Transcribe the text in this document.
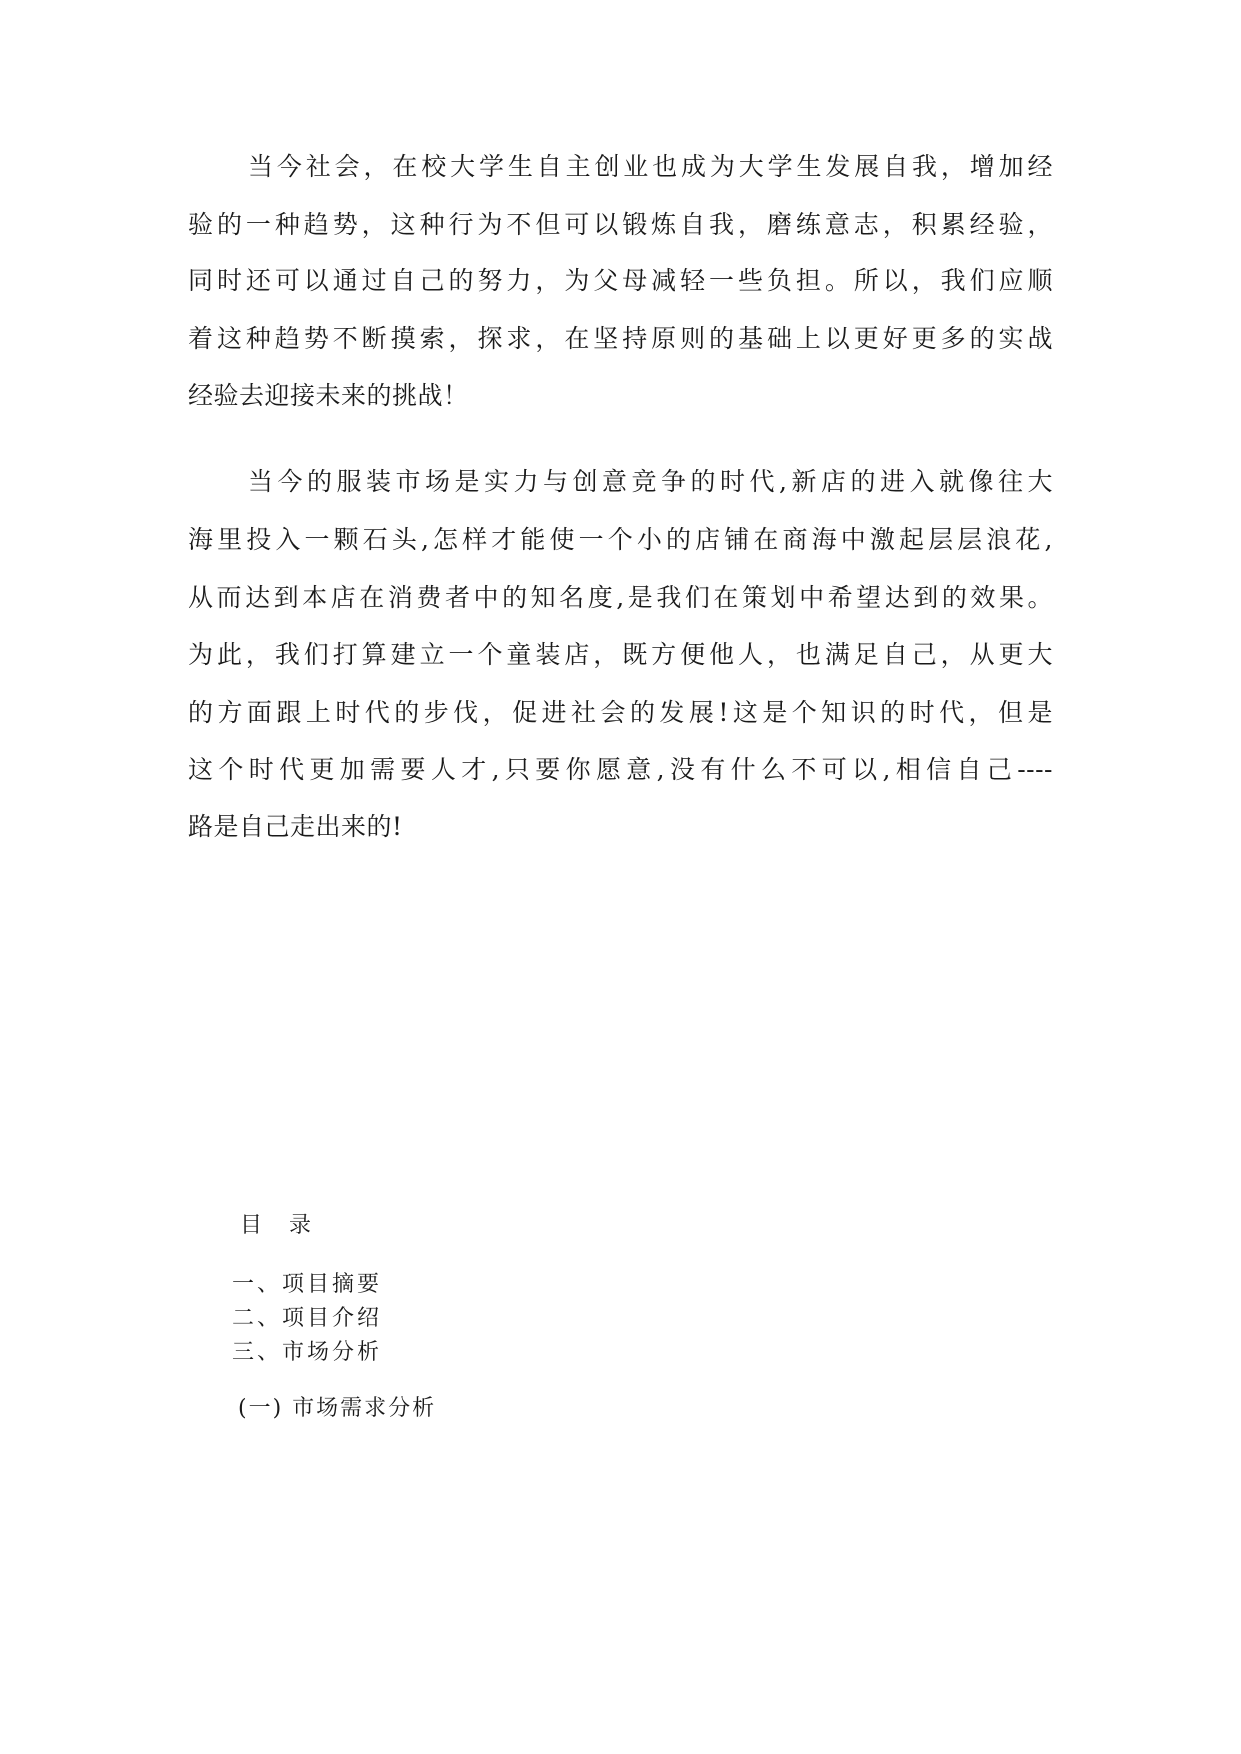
当今社会，在校大学生自主创业也成为大学生发展自我，增加经
验的一种趋势，这种行为不但可以锻炼自我，磨练意志，积累经验，
同时还可以通过自己的努力，为父母减轻一些负担。所以，我们应顺
着这种趋势不断摸索，探求，在坚持原则的基础上以更好更多的实战
经验去迎接未来的挑战！
当今的服装市场是实力与创意竞争的时代,新店的进入就像往大
海里投入一颗石头,怎样才能使一个小的店铺在商海中激起层层浪花,
从而达到本店在消费者中的知名度,是我们在策划中希望达到的效果。
为此，我们打算建立一个童装店，既方便他人，也满足自己，从更大
的方面跟上时代的步伐，促进社会的发展!这是个知识的时代，但是
这个时代更加需要人才,只要你愿意,没有什么不可以,相信自己----
路是自己走出来的!
目 录
一、项目摘要
二、项目介绍
三、市场分析
(一) 市场需求分析
